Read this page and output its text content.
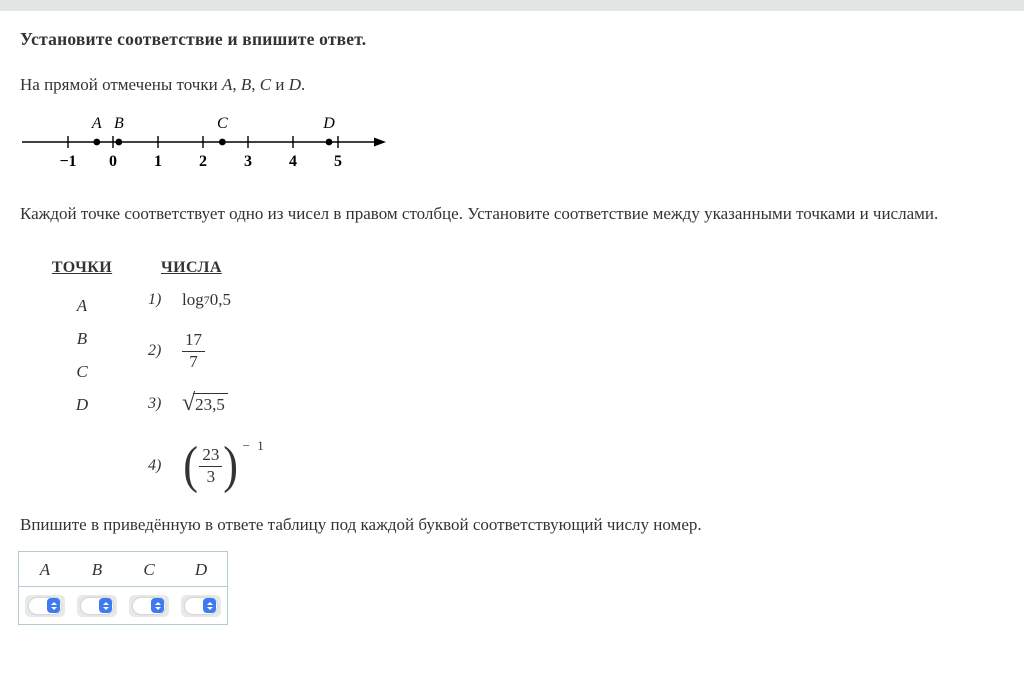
Установите соответствие и впишите ответ.
На прямой отмечены точки A, B, C и D.
−1 0 1 2 3 4 5
A B	C	D
Каждой точке соответствует одно из чисел в правом столбце. Установите соответствие между указанными точками и числами.
ТОЧКИ
A
B
C
D
ЧИСЛА
1)	log 7 0,5
2)	$\frac{17}{7}$
3) √ 23,5
4) ( $\frac{23}{3}$ ) $^{- 1}$
Впишите в приведённую в ответе таблицу под каждой буквой соответствующий числу номер.
A	B	C	D
